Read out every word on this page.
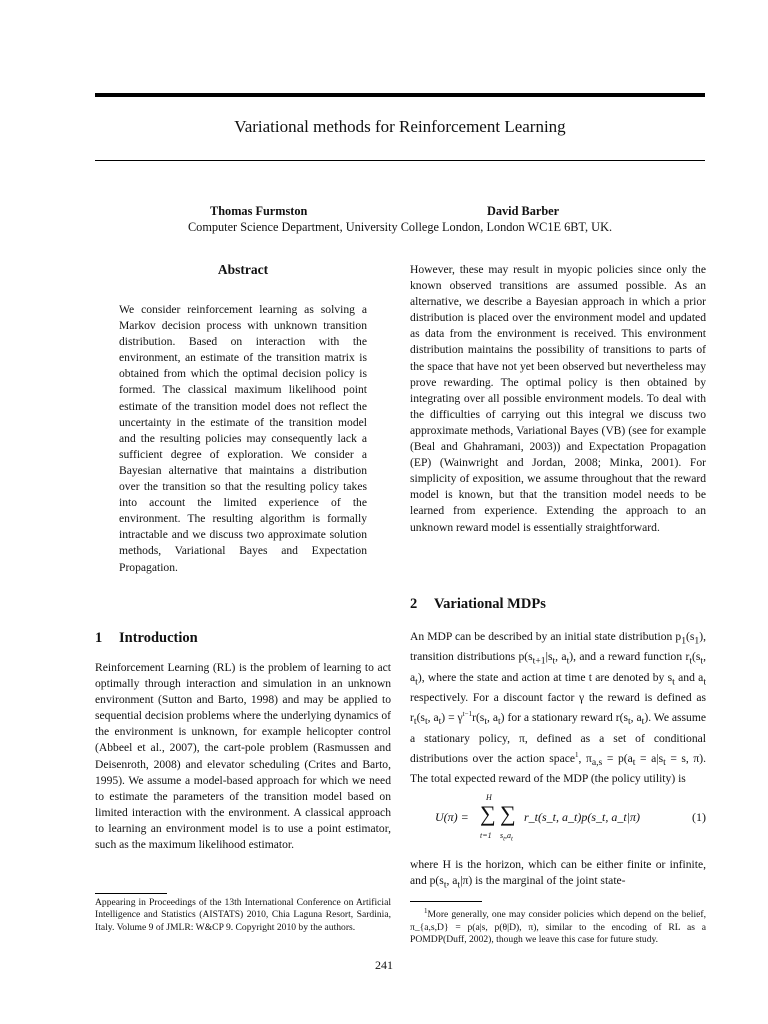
Variational methods for Reinforcement Learning
Thomas Furmston	David Barber
Computer Science Department, University College London, London WC1E 6BT, UK.
Abstract

We consider reinforcement learning as solving a Markov decision process with unknown transition distribution. Based on interaction with the environment, an estimate of the transition matrix is obtained from which the optimal decision policy is formed. The classical maximum likelihood point estimate of the transition model does not reflect the uncertainty in the estimate of the transition model and the resulting policies may consequently lack a sufficient degree of exploration. We consider a Bayesian alternative that maintains a distribution over the transition so that the resulting policy takes into account the limited experience of the environment. The resulting algorithm is formally intractable and we discuss two approximate solution methods, Variational Bayes and Expectation Propagation.

1 Introduction

Reinforcement Learning (RL) is the problem of learning to act optimally through interaction and simulation in an unknown environment (Sutton and Barto, 1998) and may be applied to sequential decision problems where the underlying dynamics of the environment is unknown, for example helicopter control (Abbeel et al., 2007), the cart-pole problem (Rasmussen and Deisenroth, 2008) and elevator scheduling (Crites and Barto, 1995). We assume a model-based approach for which we need to estimate the parameters of the transition model based on limited interaction with the environment. A classical approach to learning an environment model is to use a point estimator, such as the maximum likelihood estimator.

However, these may result in myopic policies since only the known observed transitions are assumed possible. As an alternative, we describe a Bayesian approach in which a prior distribution is placed over the environment model and updated as data from the environment is received. This environment distribution maintains the possibility of transitions to parts of the space that have not yet been observed but nevertheless may prove rewarding. The optimal policy is then obtained by integrating over all possible environment models. To deal with the difficulties of carrying out this integral we discuss two approximate methods, Variational Bayes (VB) (see for example (Beal and Ghahramani, 2003)) and Expectation Propagation (EP) (Wainwright and Jordan, 2008; Minka, 2001). For simplicity of exposition, we assume throughout that the reward model is known, but that the transition model needs to be learned from experience. Extending the approach to an unknown reward model is essentially straightforward.

2 Variational MDPs

An MDP can be described by an initial state distribution $p_1(s_1)$, transition distributions $p(s_{t+1}|s_t$, $a_t$), and a reward function $r_t(s_t$, $a_t$), where the state and action at time t are denoted by $s_t$ and $a_t$ respectively. For a discount factor γ the reward is defined as $r_t(s_t$, $a_t) = \gamma^{t-1}r(s_t$, $a_t$) for a stationary reward $r(s_t$, $a_t$). We assume a stationary policy, π, defined as a set of conditional distributions over the action space$^1$, $\pi_{a,s} = p(a_t = a|s_t = s$, π). The total expected reward of the MDP (the policy utility) is

U(π) =
H
∑
t=1
∑
$s_t,a_t$
r_t(s_t, a_t)p(s_t, a_t|π)	(1)

where H is the horizon, which can be either finite or infinite, and $p(s_t$, $a_t|\pi$) is the marginal of the joint state-

Appearing in Proceedings of the 13th International Conference on Artificial Intelligence and Statistics (AISTATS) 2010, Chia Laguna Resort, Sardinia, Italy. Volume 9 of JMLR: W&CP 9. Copyright 2010 by the authors.
$^1$More generally, one may consider policies which depend on the belief, π_{a,s,D} = p(a|s, p(θ|D), π), similar to the encoding of RL as a POMDP(Duff, 2002), though we leave this case for future study.
241
